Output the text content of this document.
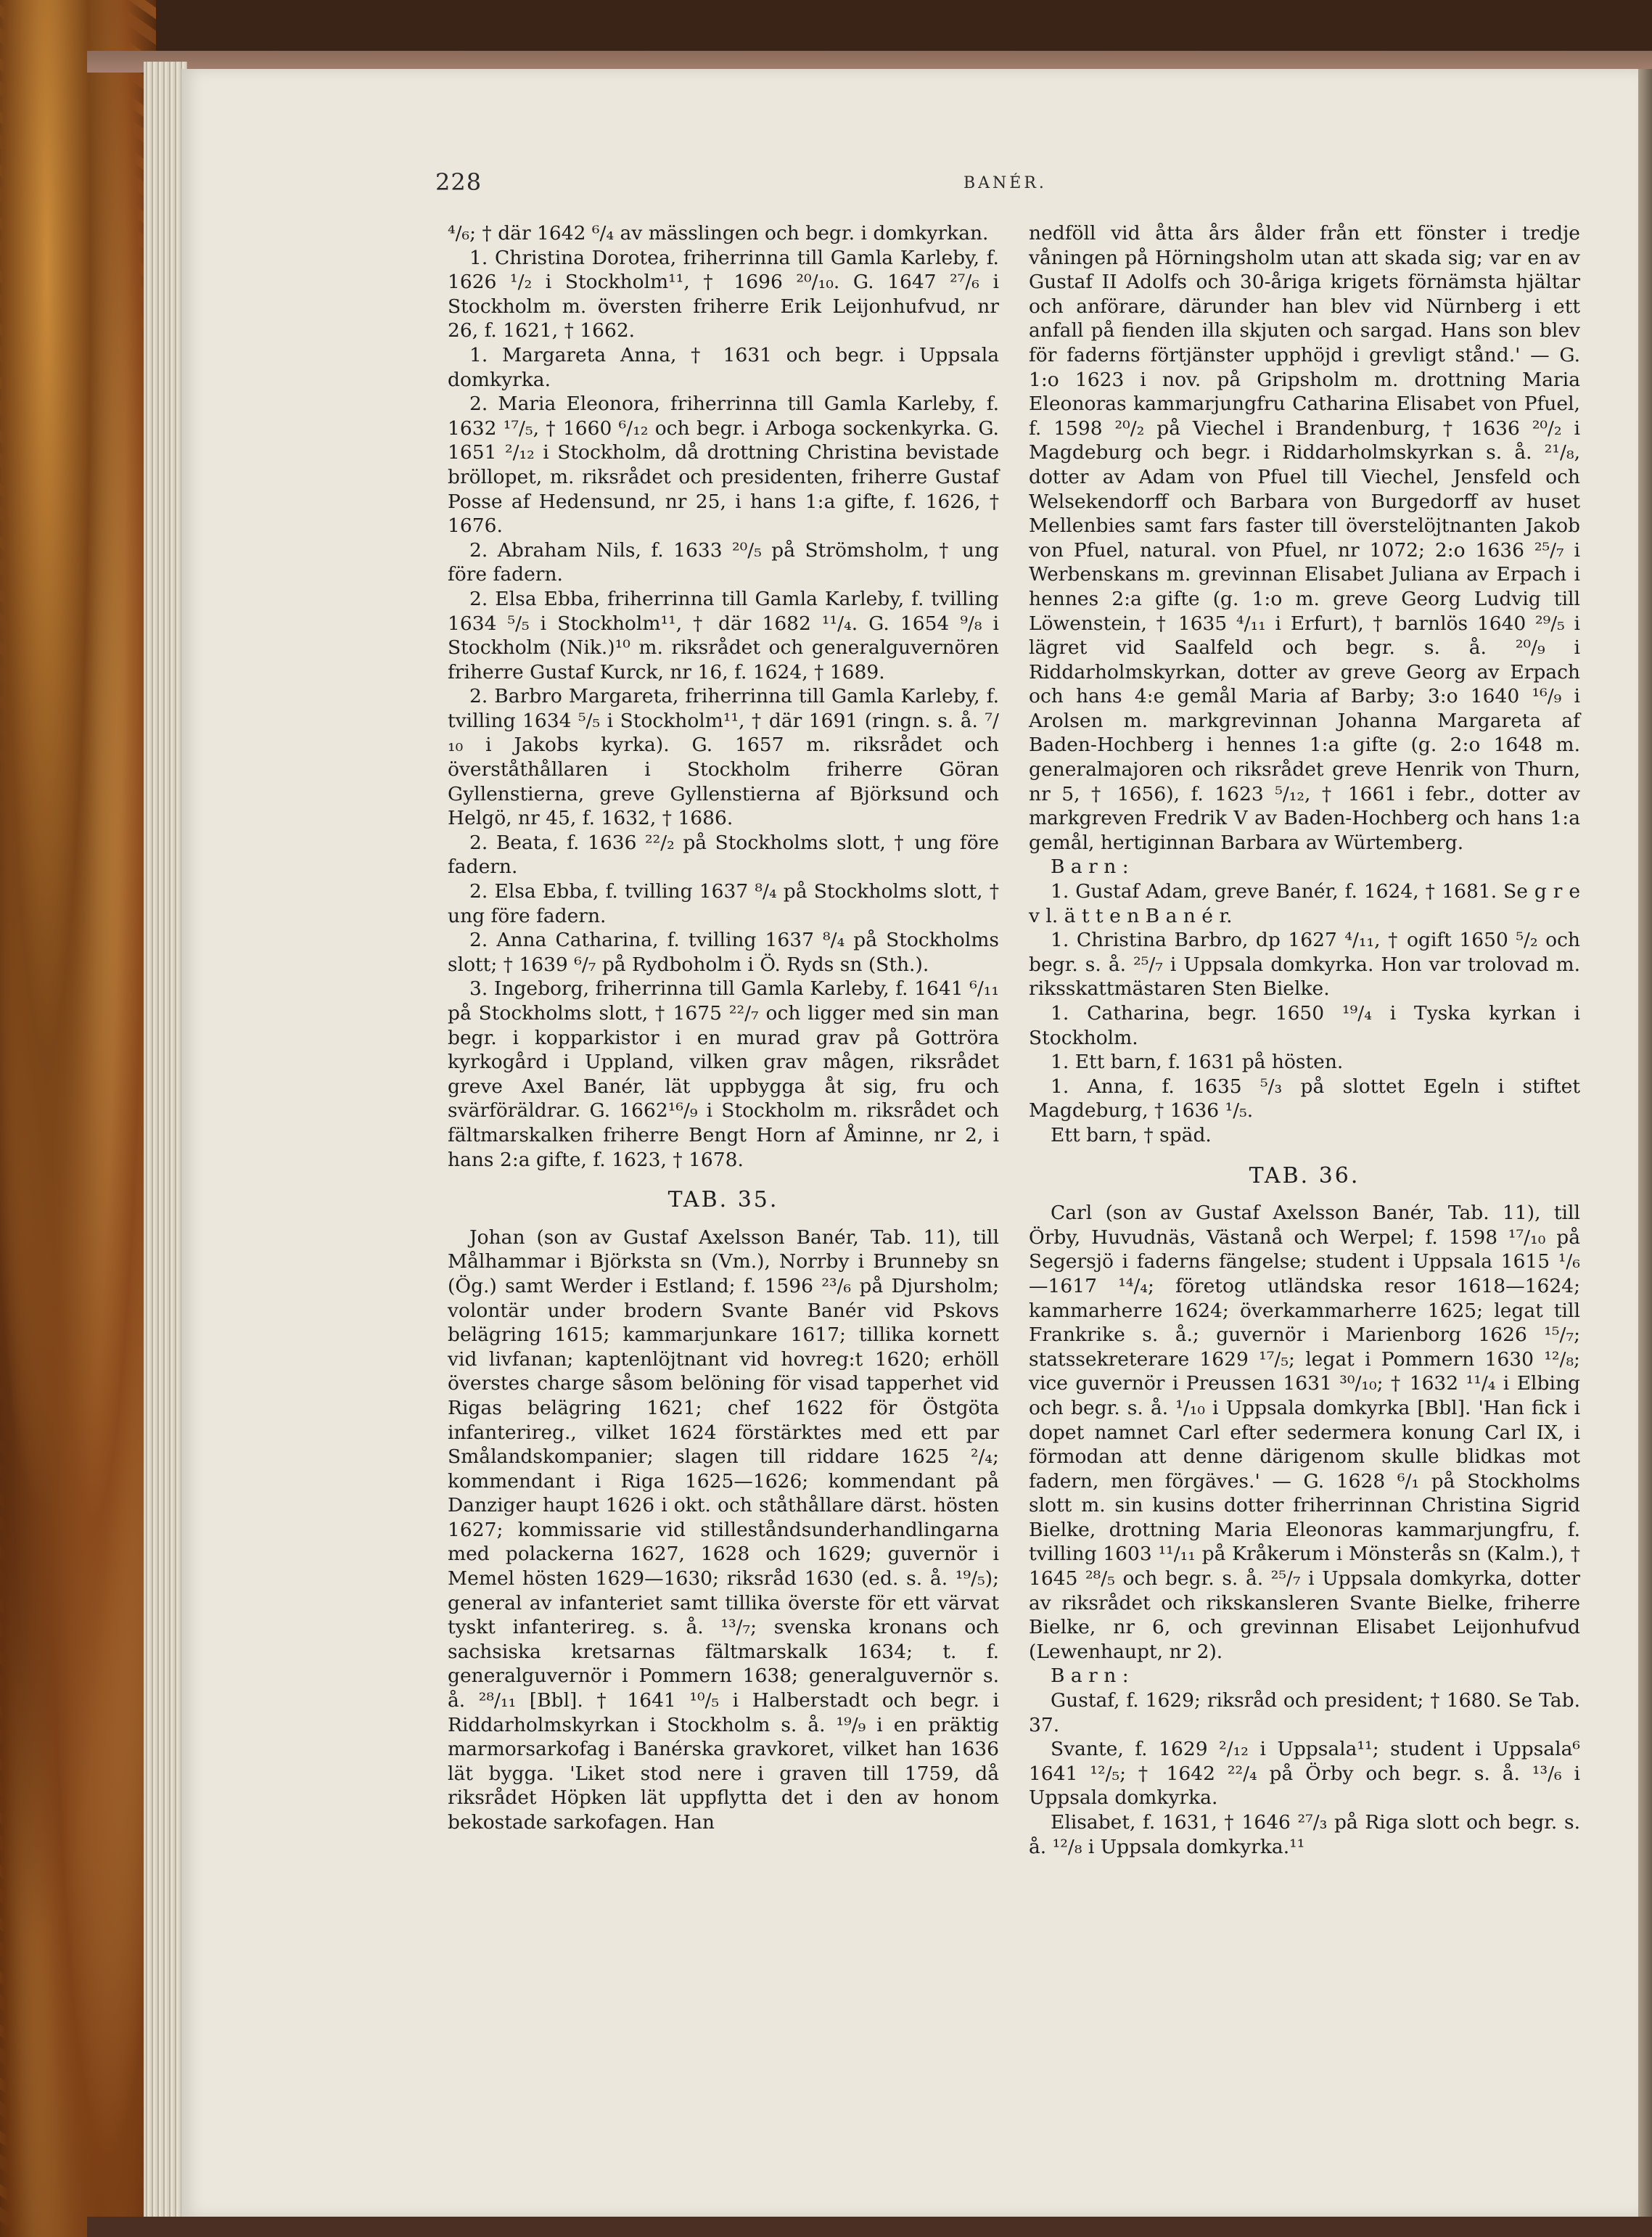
228	BANÉR.

⁴/₆; † där 1642 ⁶/₄ av mässlingen och begr. i domkyrkan.

1. Christina Dorotea, friherrinna till Gamla Karleby, f. 1626 ¹/₂ i Stockholm¹¹, † 1696 ²⁰/₁₀. G. 1647 ²⁷/₆ i Stockholm m. översten friherre Erik Leijonhufvud, nr 26, f. 1621, † 1662.

1. Margareta Anna, † 1631 och begr. i Uppsala domkyrka.

2. Maria Eleonora, friherrinna till Gamla Karleby, f. 1632 ¹⁷/₅, † 1660 ⁶/₁₂ och begr. i Arboga sockenkyrka. G. 1651 ²/₁₂ i Stockholm, då drottning Christina bevistade bröllopet, m. riksrådet och presidenten, friherre Gustaf Posse af Hedensund, nr 25, i hans 1:a gifte, f. 1626, † 1676.

2. Abraham Nils, f. 1633 ²⁰/₅ på Strömsholm, † ung före fadern.

2. Elsa Ebba, friherrinna till Gamla Karleby, f. tvilling 1634 ⁵/₅ i Stockholm¹¹, † där 1682 ¹¹/₄. G. 1654 ⁹/₈ i Stockholm (Nik.)¹⁰ m. riksrådet och generalguvernören friherre Gustaf Kurck, nr 16, f. 1624, † 1689.

2. Barbro Margareta, friherrinna till Gamla Karleby, f. tvilling 1634 ⁵/₅ i Stockholm¹¹, † där 1691 (ringn. s. å. ⁷/₁₀ i Jakobs kyrka). G. 1657 m. riksrådet och överståthållaren i Stockholm friherre Göran Gyllenstierna, greve Gyllenstierna af Björksund och Helgö, nr 45, f. 1632, † 1686.

2. Beata, f. 1636 ²²/₂ på Stockholms slott, † ung före fadern.

2. Elsa Ebba, f. tvilling 1637 ⁸/₄ på Stockholms slott, † ung före fadern.

2. Anna Catharina, f. tvilling 1637 ⁸/₄ på Stockholms slott; † 1639 ⁶/₇ på Rydboholm i Ö. Ryds sn (Sth.).

3. Ingeborg, friherrinna till Gamla Karleby, f. 1641 ⁶/₁₁ på Stockholms slott, † 1675 ²²/₇ och ligger med sin man begr. i kopparkistor i en murad grav på Gottröra kyrkogård i Uppland, vilken grav mågen, riksrådet greve Axel Banér, lät uppbygga åt sig, fru och svärföräldrar. G. 1662¹⁶/₉ i Stockholm m. riksrådet och fältmarskalken friherre Bengt Horn af Åminne, nr 2, i hans 2:a gifte, f. 1623, † 1678.

TAB. 35.

Johan (son av Gustaf Axelsson Banér, Tab. 11), till Målhammar i Björksta sn (Vm.), Norrby i Brunneby sn (Ög.) samt Werder i Estland; f. 1596 ²³/₆ på Djursholm; volontär under brodern Svante Banér vid Pskovs belägring 1615; kammarjunkare 1617; tillika kornett vid livfanan; kaptenlöjtnant vid hovreg:t 1620; erhöll överstes charge såsom belöning för visad tapperhet vid Rigas belägring 1621; chef 1622 för Östgöta infanterireg., vilket 1624 förstärktes med ett par Smålandskompanier; slagen till riddare 1625 ²/₄; kommendant i Riga 1625—1626; kommendant på Danziger haupt 1626 i okt. och ståthållare därst. hösten 1627; kommissarie vid stilleståndsunderhandlingarna med polackerna 1627, 1628 och 1629; guvernör i Memel hösten 1629—1630; riksråd 1630 (ed. s. å. ¹⁹/₅); general av infanteriet samt tillika överste för ett värvat tyskt infanterireg. s. å. ¹³/₇; svenska kronans och sachsiska kretsarnas fältmarskalk 1634; t. f. generalguvernör i Pommern 1638; generalguvernör s. å. ²⁸/₁₁ [Bbl]. † 1641 ¹⁰/₅ i Halberstadt och begr. i Riddarholmskyrkan i Stockholm s. å. ¹⁹/₉ i en präktig marmorsarkofag i Banérska gravkoret, vilket han 1636 lät bygga. 'Liket stod nere i graven till 1759, då riksrådet Höpken lät uppflytta det i den av honom bekostade sarkofagen. Han

nedföll vid åtta års ålder från ett fönster i tredje våningen på Hörningsholm utan att skada sig; var en av Gustaf II Adolfs och 30-åriga krigets förnämsta hjältar och anförare, därunder han blev vid Nürnberg i ett anfall på fienden illa skjuten och sargad. Hans son blev för faderns förtjänster upphöjd i grevligt stånd.' — G. 1:o 1623 i nov. på Gripsholm m. drottning Maria Eleonoras kammarjungfru Catharina Elisabet von Pfuel, f. 1598 ²⁰/₂ på Viechel i Brandenburg, † 1636 ²⁰/₂ i Magdeburg och begr. i Riddarholmskyrkan s. å. ²¹/₈, dotter av Adam von Pfuel till Viechel, Jensfeld och Welsekendorff och Barbara von Burgedorff av huset Mellenbies samt fars faster till överstelöjtnanten Jakob von Pfuel, natural. von Pfuel, nr 1072; 2:o 1636 ²⁵/₇ i Werbenskans m. grevinnan Elisabet Juliana av Erpach i hennes 2:a gifte (g. 1:o m. greve Georg Ludvig till Löwenstein, † 1635 ⁴/₁₁ i Erfurt), † barnlös 1640 ²⁹/₅ i lägret vid Saalfeld och begr. s. å. ²⁰/₉ i Riddarholmskyrkan, dotter av greve Georg av Erpach och hans 4:e gemål Maria af Barby; 3:o 1640 ¹⁶/₉ i Arolsen m. markgrevinnan Johanna Margareta af Baden-Hochberg i hennes 1:a gifte (g. 2:o 1648 m. generalmajoren och riksrådet greve Henrik von Thurn, nr 5, † 1656), f. 1623 ⁵/₁₂, † 1661 i febr., dotter av markgreven Fredrik V av Baden-Hochberg och hans 1:a gemål, hertiginnan Barbara av Würtemberg.

B a r n :

1. Gustaf Adam, greve Banér, f. 1624, † 1681. Se g r e v l. ä t t e n B a n é r.

1. Christina Barbro, dp 1627 ⁴/₁₁, † ogift 1650 ⁵/₂ och begr. s. å. ²⁵/₇ i Uppsala domkyrka. Hon var trolovad m. riksskattmästaren Sten Bielke.

1. Catharina, begr. 1650 ¹⁹/₄ i Tyska kyrkan i Stockholm.

1. Ett barn, f. 1631 på hösten.

1. Anna, f. 1635 ⁵/₃ på slottet Egeln i stiftet Magdeburg, † 1636 ¹/₅.

Ett barn, † späd.

TAB. 36.

Carl (son av Gustaf Axelsson Banér, Tab. 11), till Örby, Huvudnäs, Västanå och Werpel; f. 1598 ¹⁷/₁₀ på Segersjö i faderns fängelse; student i Uppsala 1615 ¹/₆—1617 ¹⁴/₄; företog utländska resor 1618—1624; kammarherre 1624; överkammarherre 1625; legat till Frankrike s. å.; guvernör i Marienborg 1626 ¹⁵/₇; statssekreterare 1629 ¹⁷/₅; legat i Pommern 1630 ¹²/₈; vice guvernör i Preussen 1631 ³⁰/₁₀; † 1632 ¹¹/₄ i Elbing och begr. s. å. ¹/₁₀ i Uppsala domkyrka [Bbl]. 'Han fick i dopet namnet Carl efter sedermera konung Carl IX, i förmodan att denne därigenom skulle blidkas mot fadern, men förgäves.' — G. 1628 ⁶/₁ på Stockholms slott m. sin kusins dotter friherrinnan Christina Sigrid Bielke, drottning Maria Eleonoras kammarjungfru, f. tvilling 1603 ¹¹/₁₁ på Kråkerum i Mönsterås sn (Kalm.), † 1645 ²⁸/₅ och begr. s. å. ²⁵/₇ i Uppsala domkyrka, dotter av riksrådet och rikskansleren Svante Bielke, friherre Bielke, nr 6, och grevinnan Elisabet Leijonhufvud (Lewenhaupt, nr 2).

B a r n :

Gustaf, f. 1629; riksråd och president; † 1680. Se Tab. 37.

Svante, f. 1629 ²/₁₂ i Uppsala¹¹; student i Uppsala⁶ 1641 ¹²/₅; † 1642 ²²/₄ på Örby och begr. s. å. ¹³/₆ i Uppsala domkyrka.

Elisabet, f. 1631, † 1646 ²⁷/₃ på Riga slott och begr. s. å. ¹²/₈ i Uppsala domkyrka.¹¹
